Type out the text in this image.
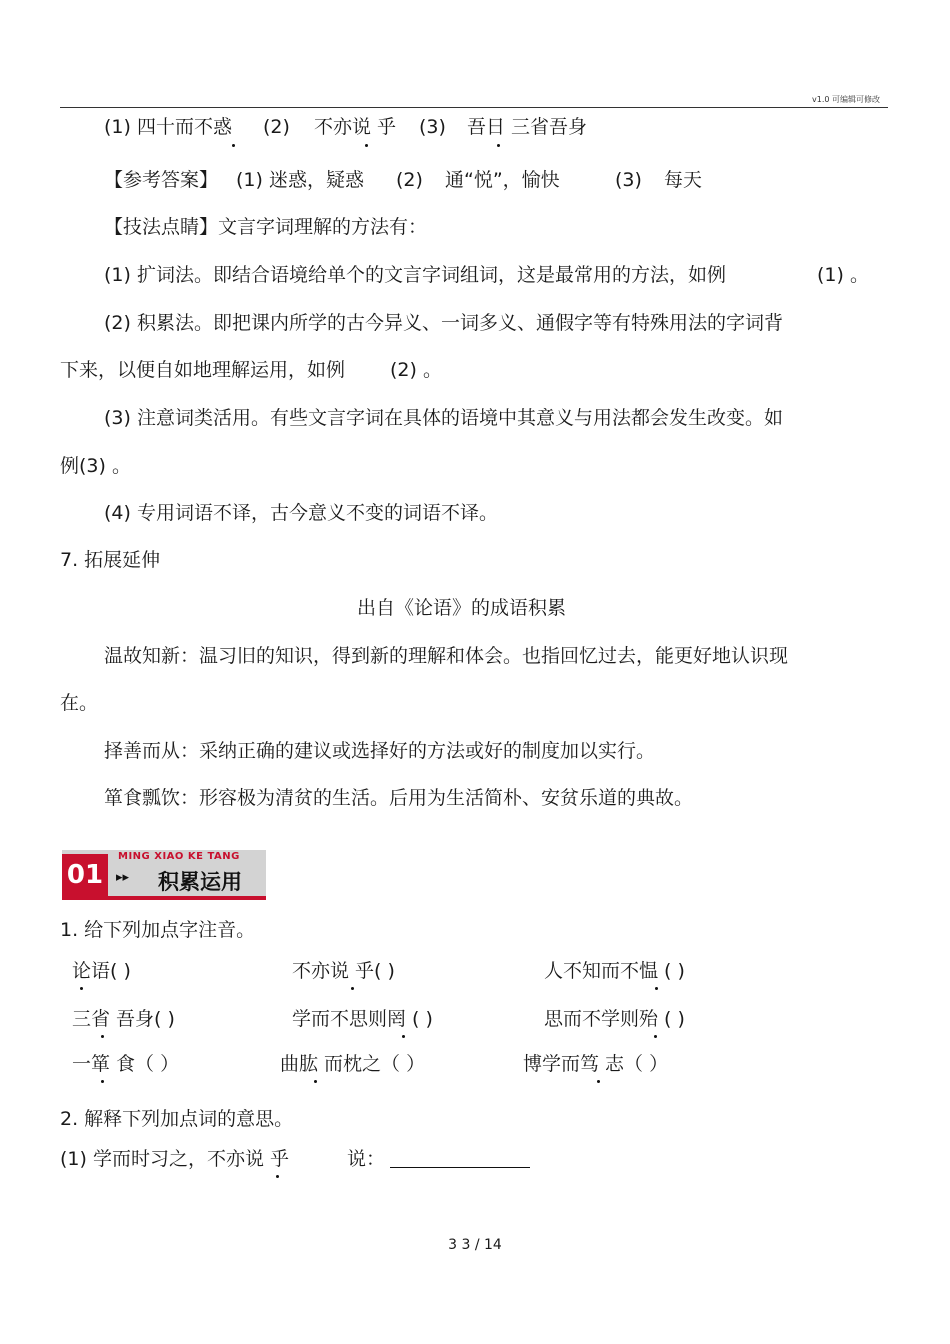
v1.0 可编辑可修改
(1) 四十而不惑 (2) 不亦说 乎 (3) 吾日 三省吾身
【参考答案】 (1) 迷惑，疑惑 (2) 通“悦”，愉快	(3) 每天
【技法点睛】文言字词理解的方法有：
(1) 扩词法。即结合语境给单个的文言字词组词，这是最常用的方法，如例	(1) 。
(2) 积累法。即把课内所学的古今异义、一词多义、通假字等有特殊用法的字词背
下来，以便自如地理解运用，如例 (2) 。
(3) 注意词类活用。有些文言字词在具体的语境中其意义与用法都会发生改变。如
例(3) 。
(4) 专用词语不译，古今意义不变的词语不译。
7. 拓展延伸
出自《论语》的成语积累
温故知新：温习旧的知识，得到新的理解和体会。也指回忆过去，能更好地认识现
在。
择善而从：采纳正确的建议或选择好的方法或好的制度加以实行。
箪食瓢饮：形容极为清贫的生活。后用为生活简朴、安贫乐道的典故。
01
MING XIAO KE TANG
▸▸ 积累运用
1. 给下列加点字注音。
论语( )	不亦说 乎( )	人不知而不愠 ( )
三省 吾身( )	学而不思则罔 ( )	思而不学则殆 ( )
一箪 食（ ）	曲肱 而枕之（ ）	博学而笃 志（ ）
2. 解释下列加点词的意思。
(1) 学而时习之，不亦说 乎	说：
3 3 / 14
